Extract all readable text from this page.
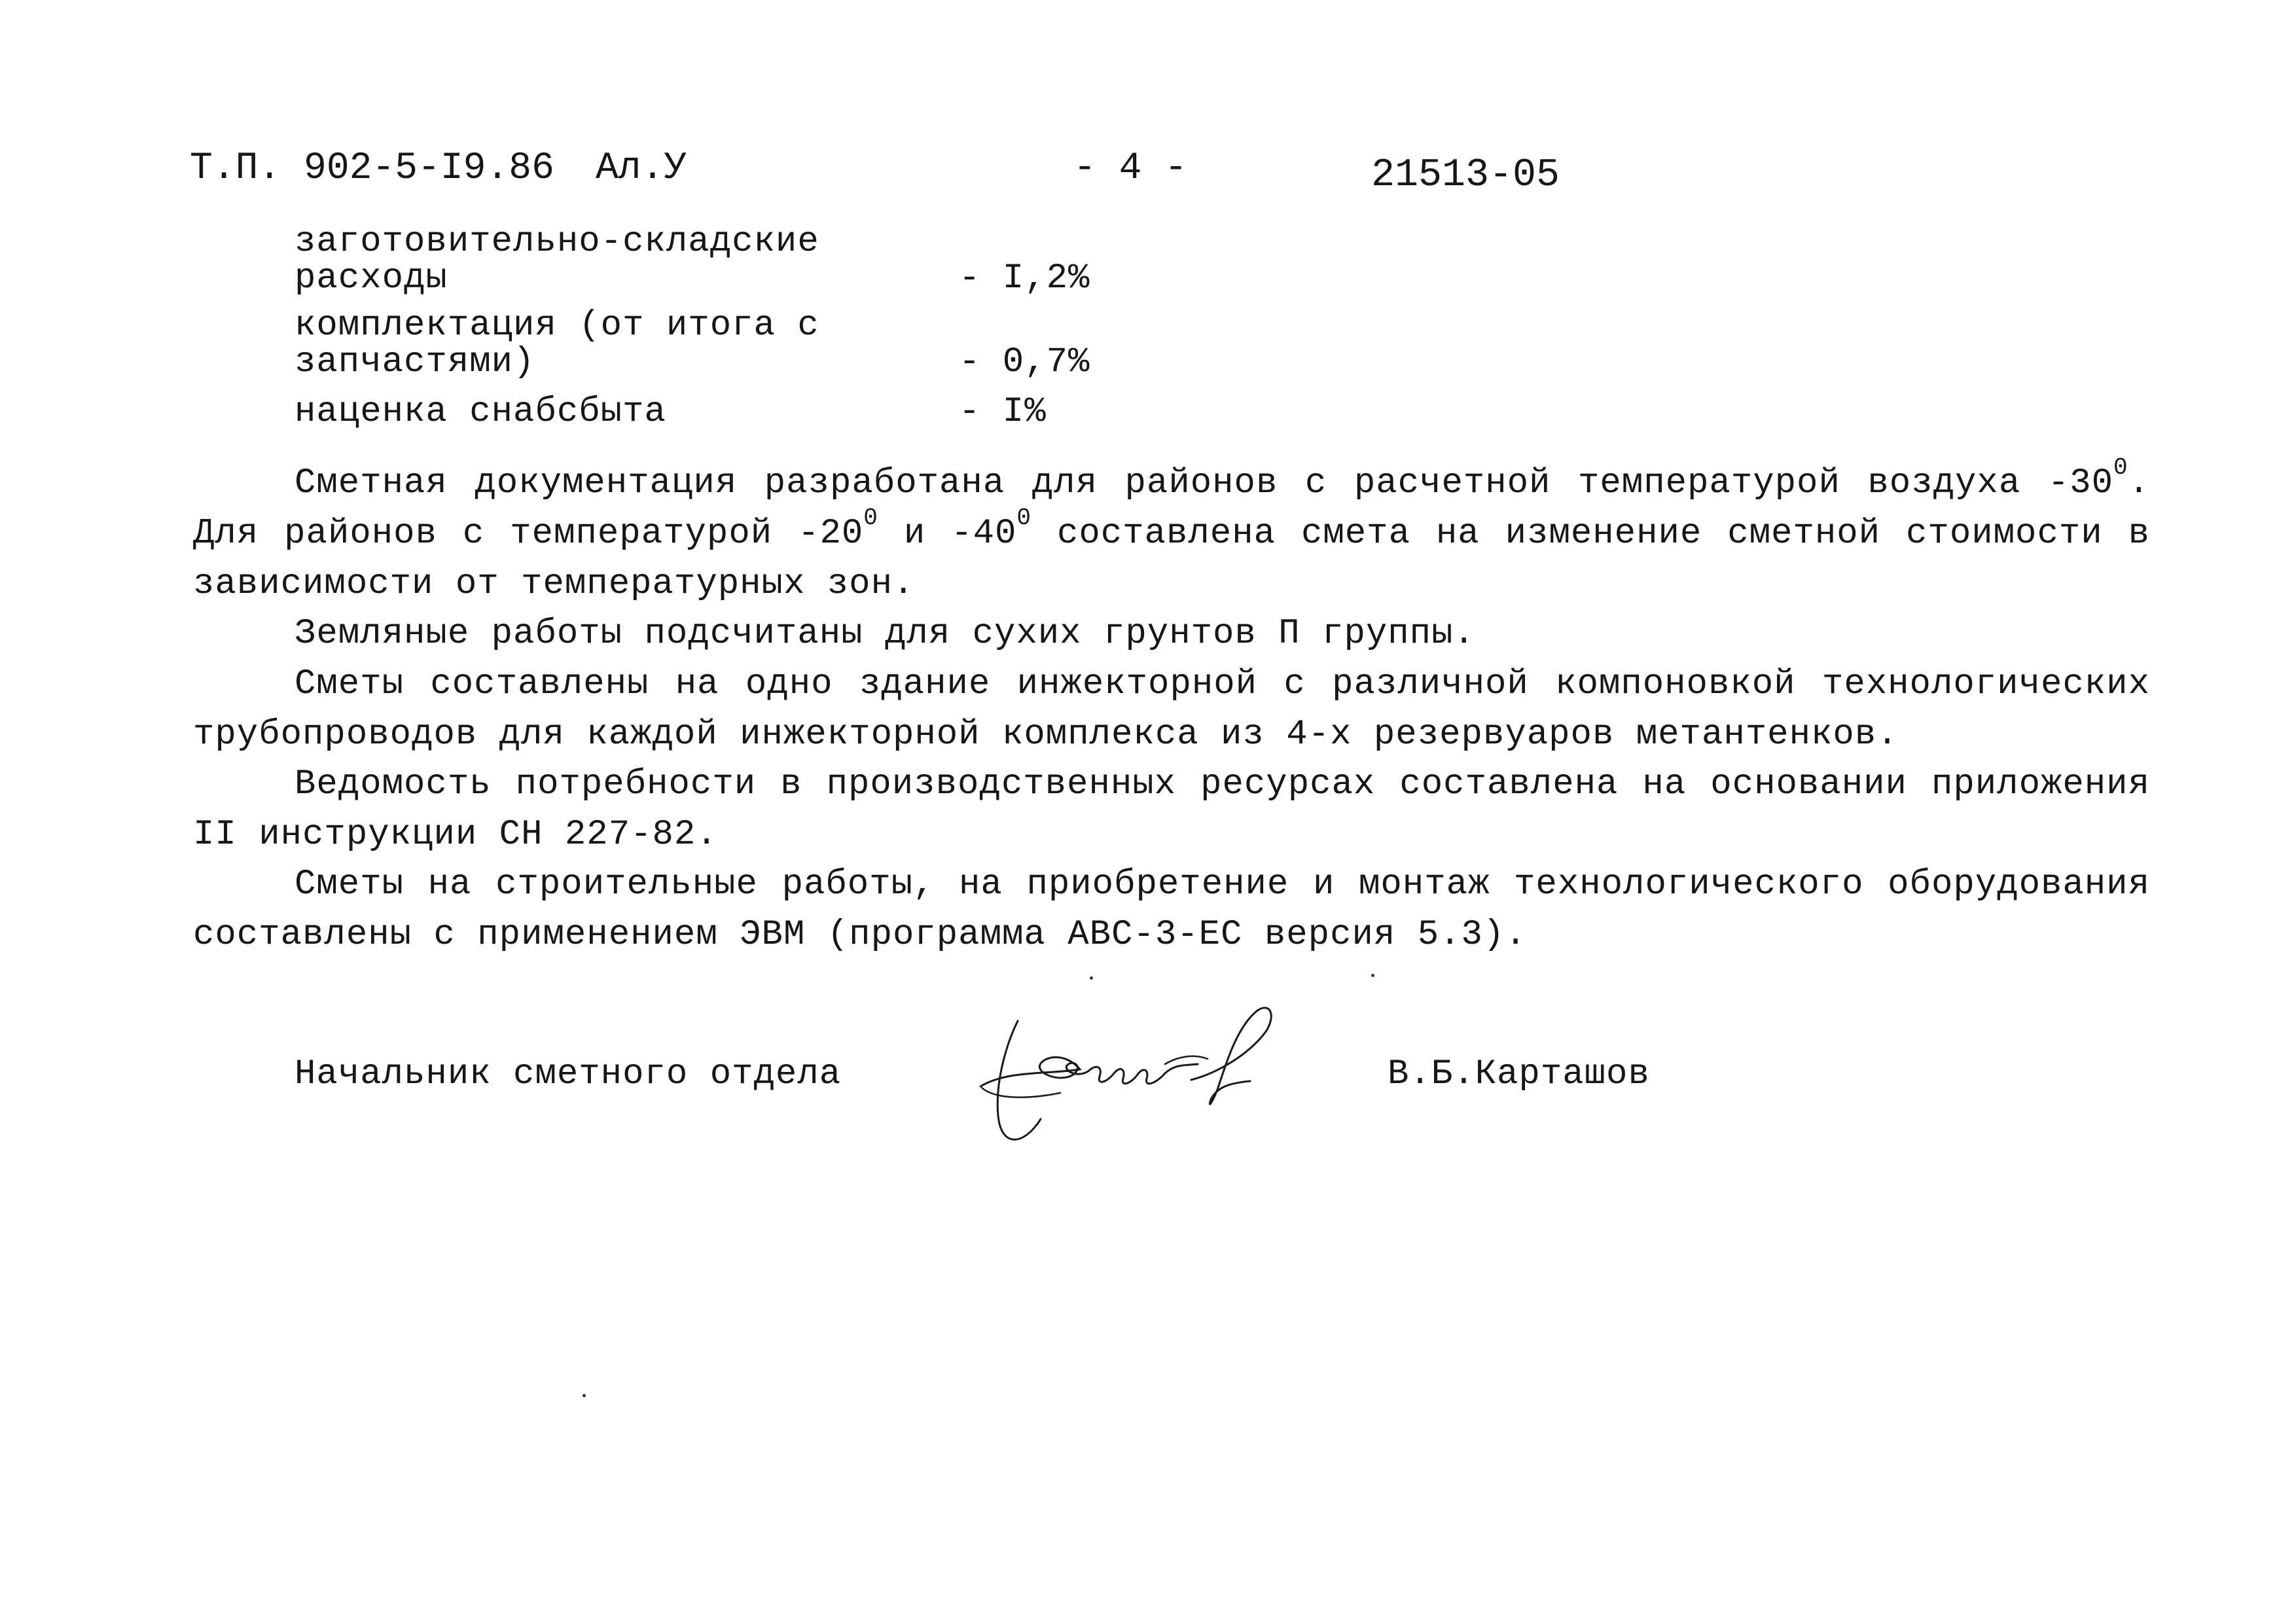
Т.П. 902-5-I9.86 Ал.У	- 4 -	21513-05
заготовительно-складские
расходы	- I,2%
комплектация (от итога с
запчастями)	- 0,7%
наценка снабсбыта	- I%
Сметная документация разработана для районов с расчетной температурой воздуха $-30^0$. Для районов с температурой $-20^0$ и $-40^0$ составлена смета на изменение сметной стоимости в зависимости от температурных зон.
Земляные работы подсчитаны для сухих грунтов П группы.
Сметы составлены на одно здание инжекторной с различной компоновкой технологических трубопроводов для каждой инжекторной комплекса из 4-х резервуаров метантенков.
Ведомость потребности в производственных ресурсах составлена на основании приложения II инструкции СН 227-82.
Сметы на строительные работы, на приобретение и монтаж технологического оборудования составлены с применением ЭВМ (программа АВС-3-ЕС версия 5.3).
Начальник сметного отдела	В.Б.Карташов
